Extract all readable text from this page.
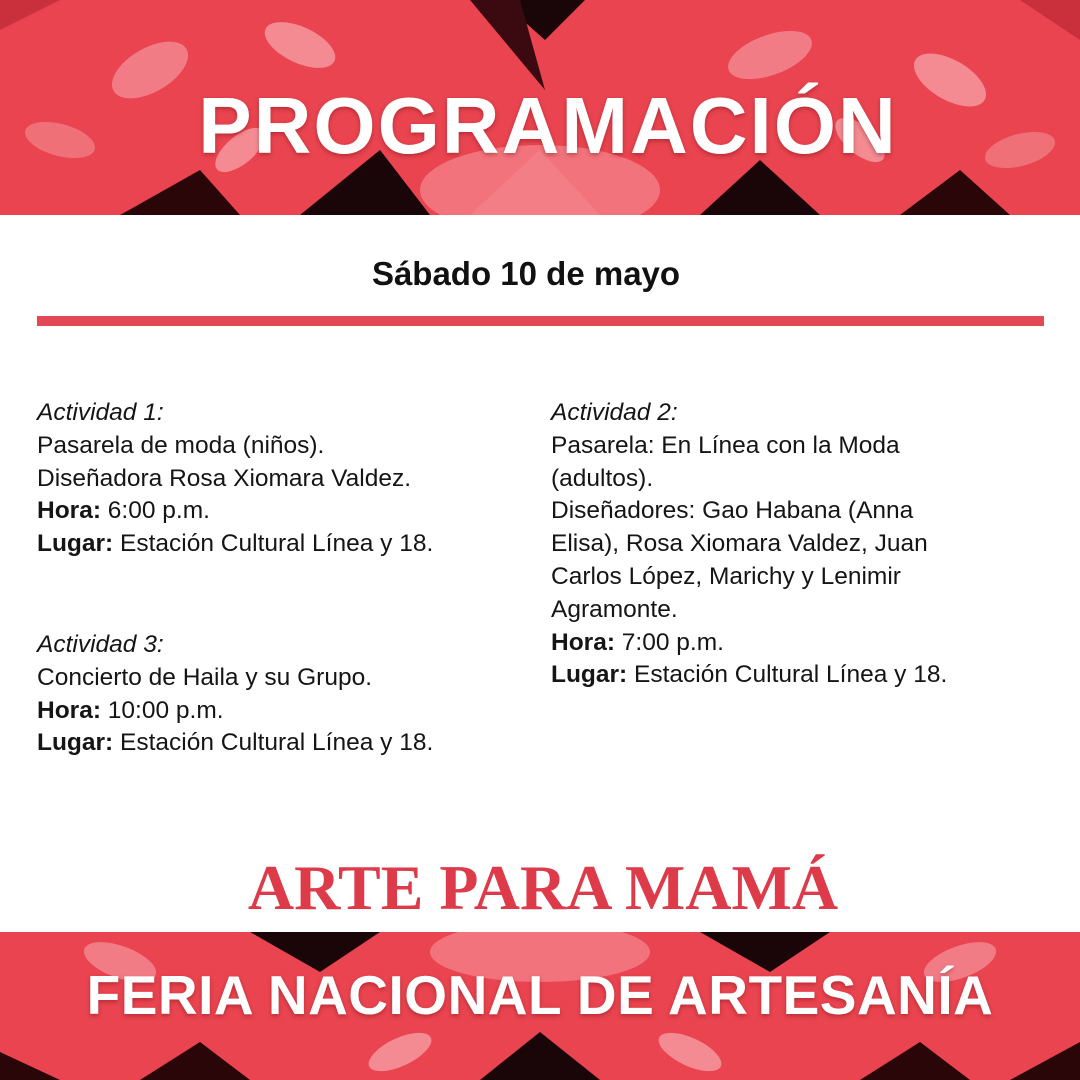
PROGRAMACIÓN
Sábado 10 de mayo
Actividad 1:
Pasarela de moda (niños).
Diseñadora Rosa Xiomara Valdez.
Hora: 6:00 p.m.
Lugar: Estación Cultural Línea y 18.
Actividad 3:
Concierto de Haila y su Grupo.
Hora: 10:00 p.m.
Lugar: Estación Cultural Línea y 18.
Actividad 2:
Pasarela: En Línea con la Moda
(adultos).
Diseñadores: Gao Habana (Anna
Elisa), Rosa Xiomara Valdez, Juan
Carlos López, Marichy y Lenimir
Agramonte.
Hora: 7:00 p.m.
Lugar: Estación Cultural Línea y 18.
ARTE PARA MAMÁ
FERIA NACIONAL DE ARTESANÍA
